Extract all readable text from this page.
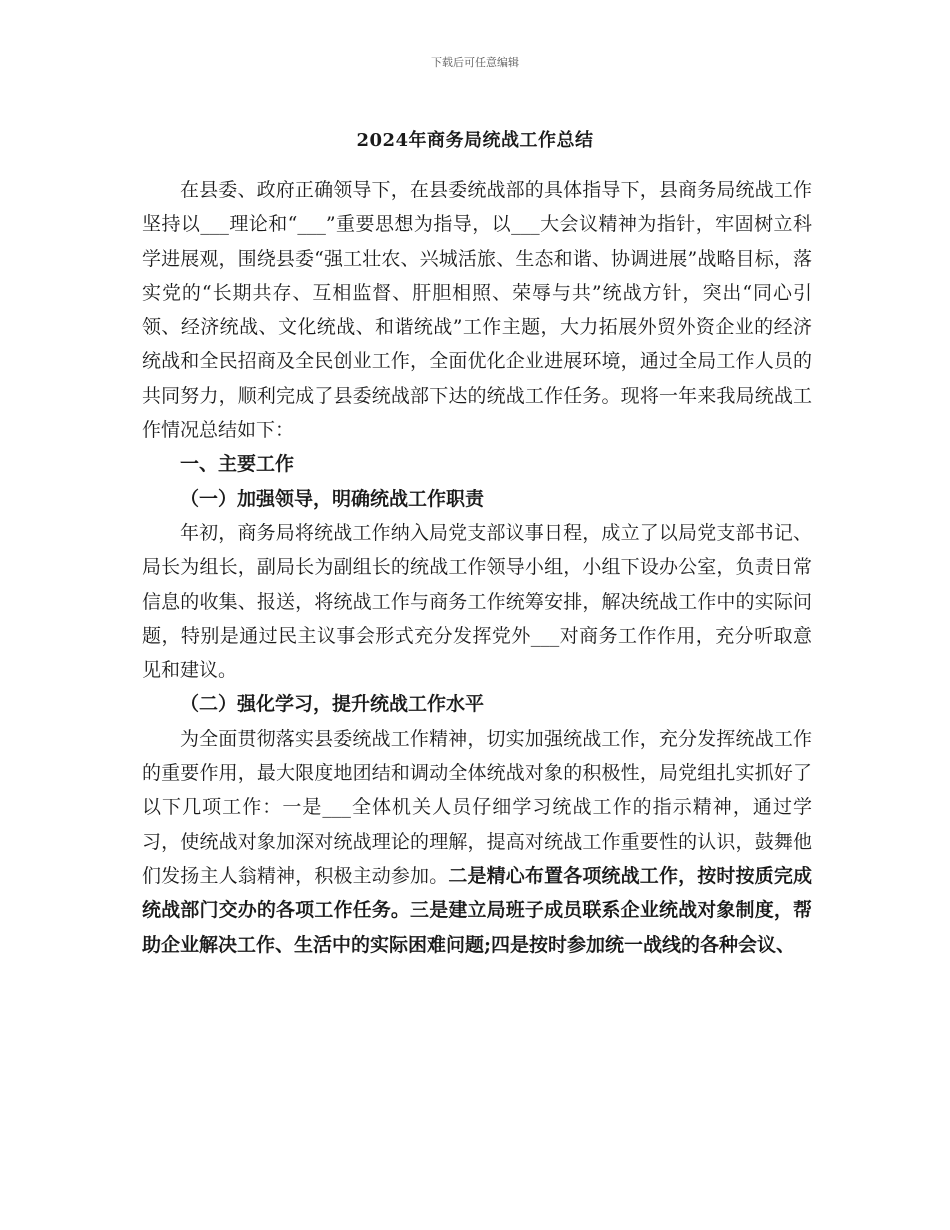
下载后可任意编辑
2024年商务局统战工作总结

在县委、政府正确领导下，在县委统战部的具体指导下，县商务局统战工作坚持以___理论和“___”重要思想为指导，以___大会议精神为指针，牢固树立科学进展观，围绕县委“强工壮农、兴城活旅、生态和谐、协调进展”战略目标，落实党的“长期共存、互相监督、肝胆相照、荣辱与共”统战方针，突出“同心引领、经济统战、文化统战、和谐统战”工作主题，大力拓展外贸外资企业的经济统战和全民招商及全民创业工作，全面优化企业进展环境，通过全局工作人员的共同努力，顺利完成了县委统战部下达的统战工作任务。现将一年来我局统战工作情况总结如下：

一、主要工作

（一）加强领导，明确统战工作职责

年初，商务局将统战工作纳入局党支部议事日程，成立了以局党支部书记、局长为组长，副局长为副组长的统战工作领导小组，小组下设办公室，负责日常信息的收集、报送，将统战工作与商务工作统筹安排，解决统战工作中的实际问题，特别是通过民主议事会形式充分发挥党外___对商务工作作用，充分听取意见和建议。

（二）强化学习，提升统战工作水平

为全面贯彻落实县委统战工作精神，切实加强统战工作，充分发挥统战工作的重要作用，最大限度地团结和调动全体统战对象的积极性，局党组扎实抓好了以下几项工作：一是___全体机关人员仔细学习统战工作的指示精神，通过学习，使统战对象加深对统战理论的理解，提高对统战工作重要性的认识，鼓舞他们发扬主人翁精神，积极主动参加。二是精心布置各项统战工作，按时按质完成统战部门交办的各项工作任务。三是建立局班子成员联系企业统战对象制度，帮助企业解决工作、生活中的实际困难问题;四是按时参加统一战线的各种会议、
